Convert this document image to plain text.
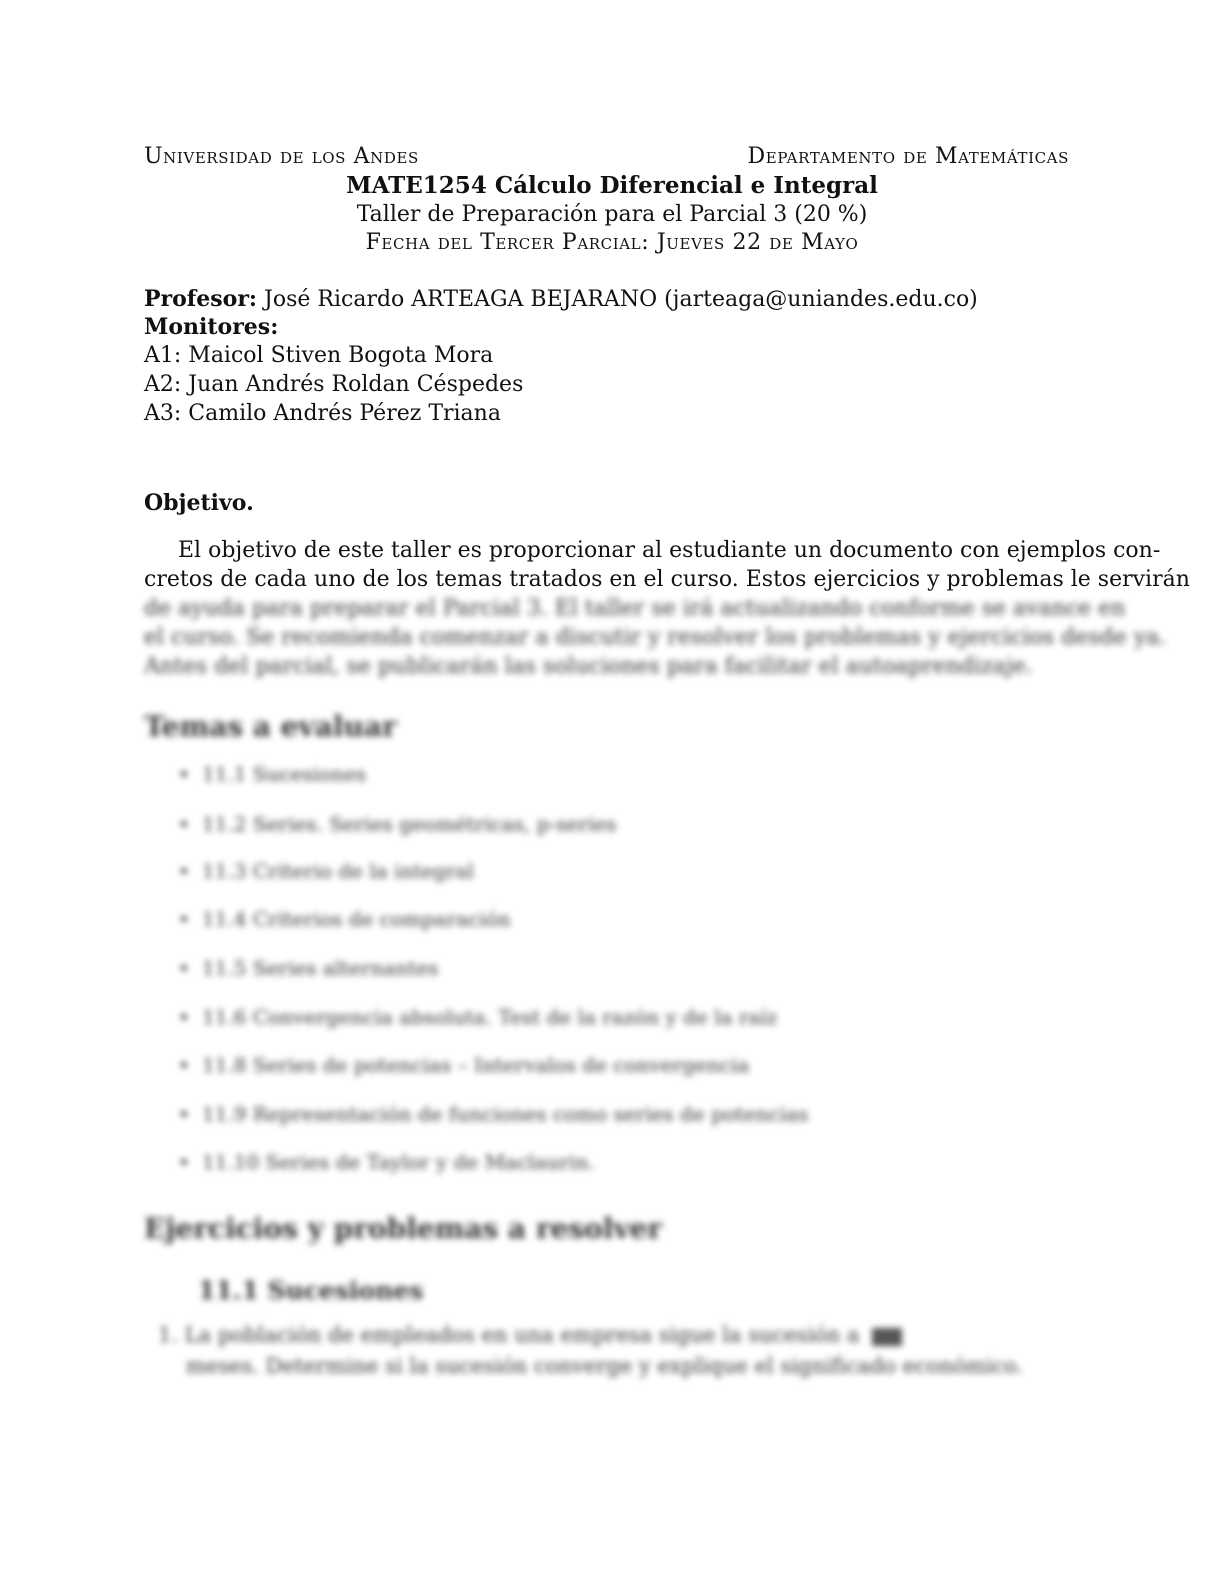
Universidad de los Andes	Departamento de Matemáticas
MATE1254 Cálculo Diferencial e Integral
Taller de Preparación para el Parcial 3 (20 %)
Fecha del Tercer Parcial: Jueves 22 de Mayo
Profesor: José Ricardo ARTEAGA BEJARANO (jarteaga@uniandes.edu.co)
Monitores:
A1: Maicol Stiven Bogota Mora
A2: Juan Andrés Roldan Céspedes
A3: Camilo Andrés Pérez Triana
Objetivo.
El objetivo de este taller es proporcionar al estudiante un documento con ejemplos con-
cretos de cada uno de los temas tratados en el curso. Estos ejercicios y problemas le servirán
de ayuda para preparar el Parcial 3. El taller se irá actualizando conforme se avance en
el curso. Se recomienda comenzar a discutir y resolver los problemas y ejercicios desde ya.
Antes del parcial, se publicarán las soluciones para facilitar el autoaprendizaje.
Temas a evaluar
• 11.1 Sucesiones
• 11.2 Series. Series geométricas, p-series
• 11.3 Criterio de la integral
• 11.4 Criterios de comparación
• 11.5 Series alternantes
• 11.6 Convergencia absoluta. Test de la razón y de la raíz
• 11.8 Series de potencias – Intervalos de convergencia
• 11.9 Representación de funciones como series de potencias
• 11.10 Series de Taylor y de Maclaurin.
Ejercicios y problemas a resolver
11.1 Sucesiones
1. La población de empleados en una empresa sigue la sucesión a
meses. Determine si la sucesión converge y explique el significado económico.
